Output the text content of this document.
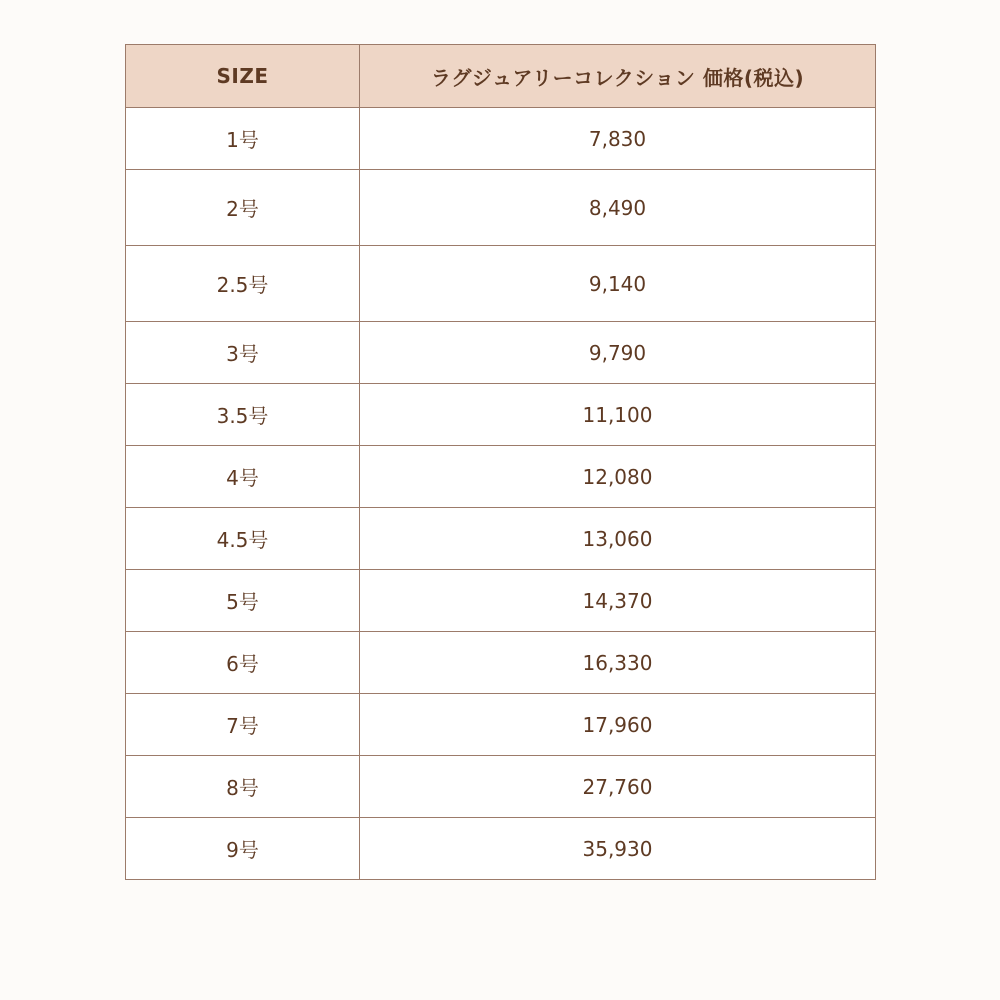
SIZE	ラグジュアリーコレクション 価格(税込)
1号	7,830
2号	8,490
2.5号	9,140
3号	9,790
3.5号	11,100
4号	12,080
4.5号	13,060
5号	14,370
6号	16,330
7号	17,960
8号	27,760
9号	35,930
